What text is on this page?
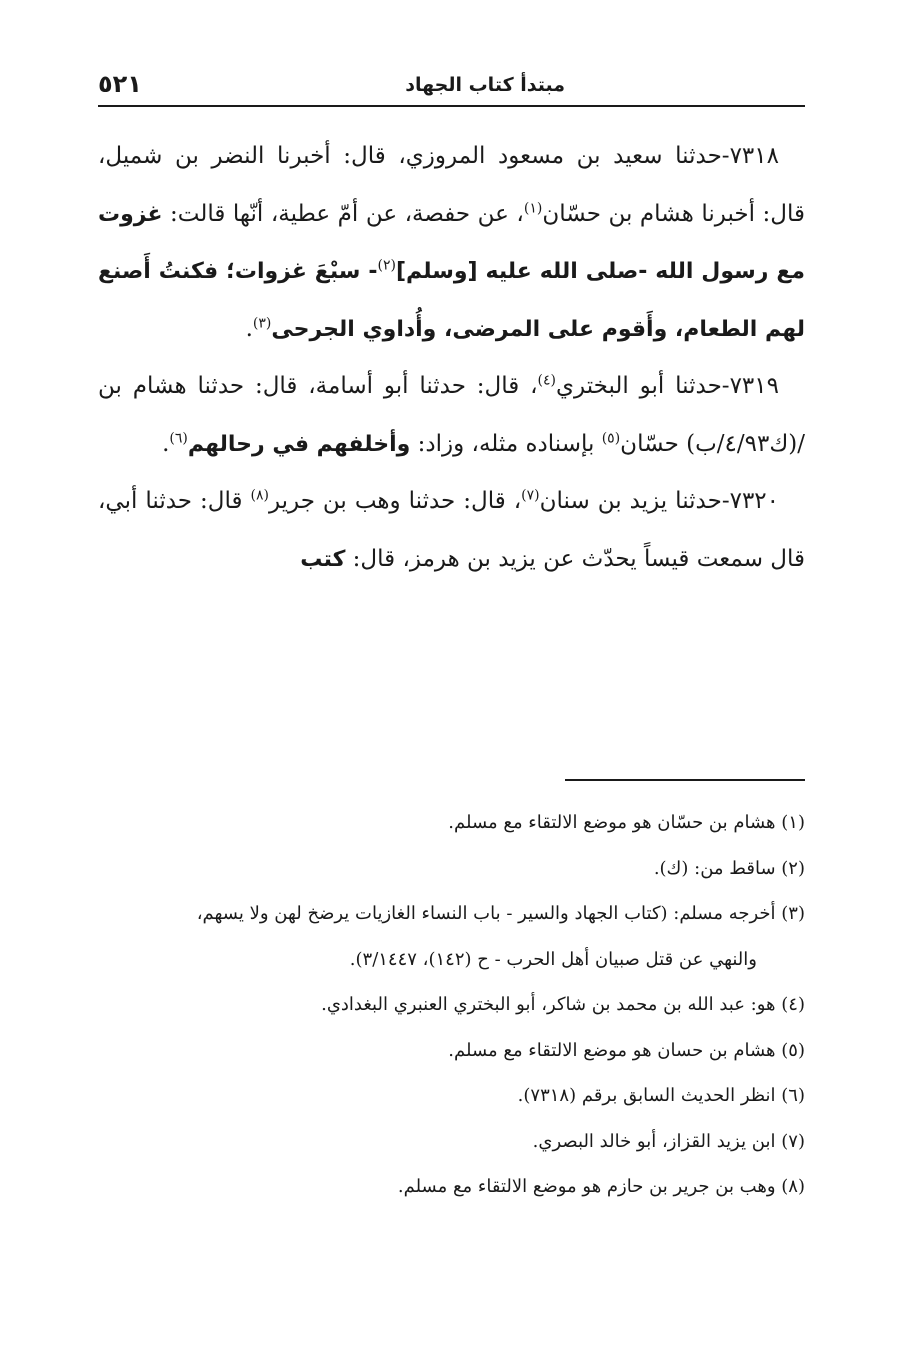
مبتدأ كتاب الجهاد
٥٢١

٧٣١٨-حدثنا سعيد بن مسعود المروزي، قال: أخبرنا النضر بن شميل، قال: أخبرنا هشام بن حسّان$^{(١)}$، عن حفصة، عن أمّ عطية، أنّها قالت: غزوت مع رسول الله -صلى الله عليه [وسلم]$^{(٢)}$- سبْعَ غزوات؛ فكنتُ أَصنع لهم الطعام، وأَقوم على المرضى، وأُداوي الجرحى$^{(٣)}$.

٧٣١٩-حدثنا أبو البختري$^{(٤)}$، قال: حدثنا أبو أسامة، قال: حدثنا هشام بن /(ك٤/٩٣/ب) حسّان$^{(٥)}$ بإسناده مثله، وزاد: وأخلفهم في رحالهم$^{(٦)}$.

٧٣٢٠-حدثنا يزيد بن سنان$^{(٧)}$، قال: حدثنا وهب بن جرير$^{(٨)}$ قال: حدثنا أبي، قال سمعت قيساً يحدّث عن يزيد بن هرمز، قال: كتب

(١) هشام بن حسّان هو موضع الالتقاء مع مسلم.

(٢) ساقط من: (ك).

(٣) أخرجه مسلم: (كتاب الجهاد والسير - باب النساء الغازيات يرضخ لهن ولا يسهم،
والنهي عن قتل صبيان أهل الحرب - ح (١٤٢)، ٣/١٤٤٧).

(٤) هو: عبد الله بن محمد بن شاكر، أبو البختري العنبري البغدادي.

(٥) هشام بن حسان هو موضع الالتقاء مع مسلم.

(٦) انظر الحديث السابق برقم (٧٣١٨).

(٧) ابن يزيد القزاز، أبو خالد البصري.

(٨) وهب بن جرير بن حازم هو موضع الالتقاء مع مسلم.
